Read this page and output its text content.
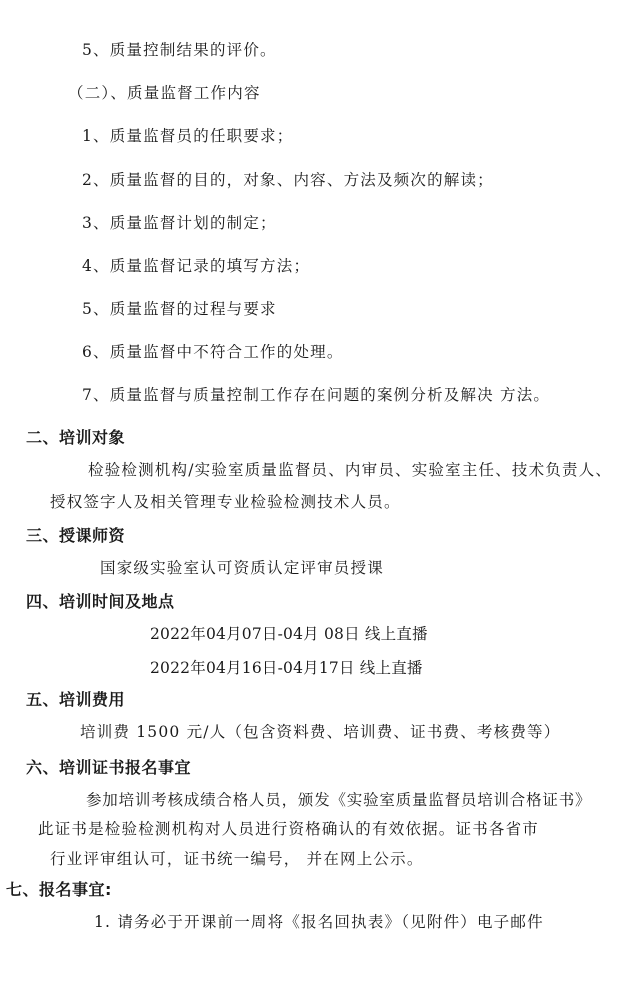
5、质量控制结果的评价。
（二）、质量监督工作内容
1、质量监督员的任职要求；
2、质量监督的目的，对象、内容、方法及频次的解读；
3、质量监督计划的制定；
4、质量监督记录的填写方法；
5、质量监督的过程与要求
6、质量监督中不符合工作的处理。
7、质量监督与质量控制工作存在问题的案例分析及解决 方法。
二、培训对象
检验检测机构/实验室质量监督员、内审员、实验室主任、技术负责人、
授权签字人及相关管理专业检验检测技术人员。
三、授课师资
国家级实验室认可资质认定评审员授课
四、培训时间及地点
2022年04月07日-04月 08日 线上直播
2022年04月16日-04月17日 线上直播
五、培训费用
培训费 1500 元/人（包含资料费、培训费、证书费、考核费等）
六、培训证书报名事宜
参加培训考核成绩合格人员，颁发《实验室质量监督员培训合格证书》
此证书是检验检测机构对人员进行资格确认的有效依据。证书各省市
行业评审组认可，证书统一编号， 并在网上公示。
七、报名事宜:
1. 请务必于开课前一周将《报名回执表》（见附件）电子邮件
